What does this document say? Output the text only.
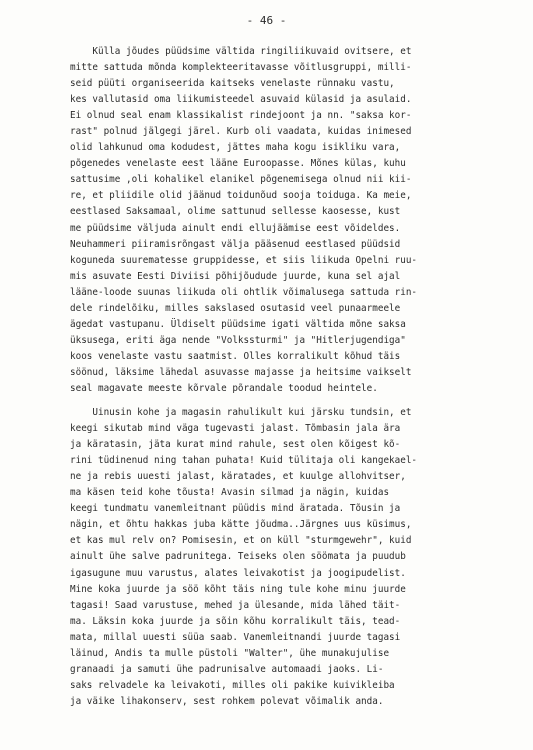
- 46 -
Külla jõudes püüdsime vältida ringiliikuvaid ovitsere, et
mitte sattuda mõnda komplekteeritavasse võitlusgruppi, milli-
seid püüti organiseerida kaitseks venelaste rünnaku vastu,
kes vallutasid oma liikumisteedel asuvaid külasid ja asulaid.
Ei olnud seal enam klassikalist rindejoont ja nn. "saksa kor-
rast" polnud jälgegi järel. Kurb oli vaadata, kuidas inimesed
olid lahkunud oma kodudest, jättes maha kogu isikliku vara,
põgenedes venelaste eest lääne Euroopasse. Mõnes külas, kuhu
sattusime ,oli kohalikel elanikel põgenemisega olnud nii kii-
re, et pliidile olid jäänud toidunõud sooja toiduga. Ka meie,
eestlased Saksamaal, olime sattunud sellesse kaosesse, kust
me püüdsime väljuda ainult endi ellujäämise eest võideldes.
Neuhammeri piiramisrõngast välja pääsenud eestlased püüdsid
koguneda suurematesse gruppidesse, et siis liikuda Opelni ruu-
mis asuvate Eesti Diviisi põhijõudude juurde, kuna sel ajal
lääne-loode suunas liikuda oli ohtlik võimalusega sattuda rin-
dele rindelõiku, milles sakslased osutasid veel punaarmeele
ägedat vastupanu. Üldiselt püüdsime igati vältida mõne saksa
üksusega, eriti äga nende "Volkssturmi" ja "Hitlerjugendiga"
koos venelaste vastu saatmist. Olles korralikult kõhud täis
söönud, läksime lähedal asuvasse majasse ja heitsime vaikselt
seal magavate meeste kõrvale põrandale toodud heintele.
Uinusin kohe ja magasin rahulikult kui järsku tundsin, et
keegi sikutab mind väga tugevasti jalast. Tõmbasin jala ära
ja käratasin, jäta kurat mind rahule, sest olen kõigest kõ-
rini tüdinenud ning tahan puhata! Kuid tülitaja oli kangekael-
ne ja rebis uuesti jalast, käratades, et kuulge allohvitser,
ma käsen teid kohe tõusta! Avasin silmad ja nägin, kuidas
keegi tundmatu vanemleitnant püüdis mind äratada. Tõusin ja
nägin, et õhtu hakkas juba kätte jõudma..Järgnes uus küsimus,
et kas mul relv on? Pomisesin, et on küll "sturmgewehr", kuid
ainult ühe salve padrunitega. Teiseks olen söömata ja puudub
igasugune muu varustus, alates leivakotist ja joogipudelist.
Mine koka juurde ja söö kõht täis ning tule kohe minu juurde
tagasi! Saad varustuse, mehed ja ülesande, mida lähed täit-
ma. Läksin koka juurde ja sõin kõhu korralikult täis, tead-
mata, millal uuesti süüa saab. Vanemleitnandi juurde tagasi
läinud, Andis ta mulle püstoli "Walter", ühe munakujulise
granaadi ja samuti ühe padrunisalve automaadi jaoks. Li-
saks relvadele ka leivakoti, milles oli pakike kuivikleiba
ja väike lihakonserv, sest rohkem polevat võimalik anda.
